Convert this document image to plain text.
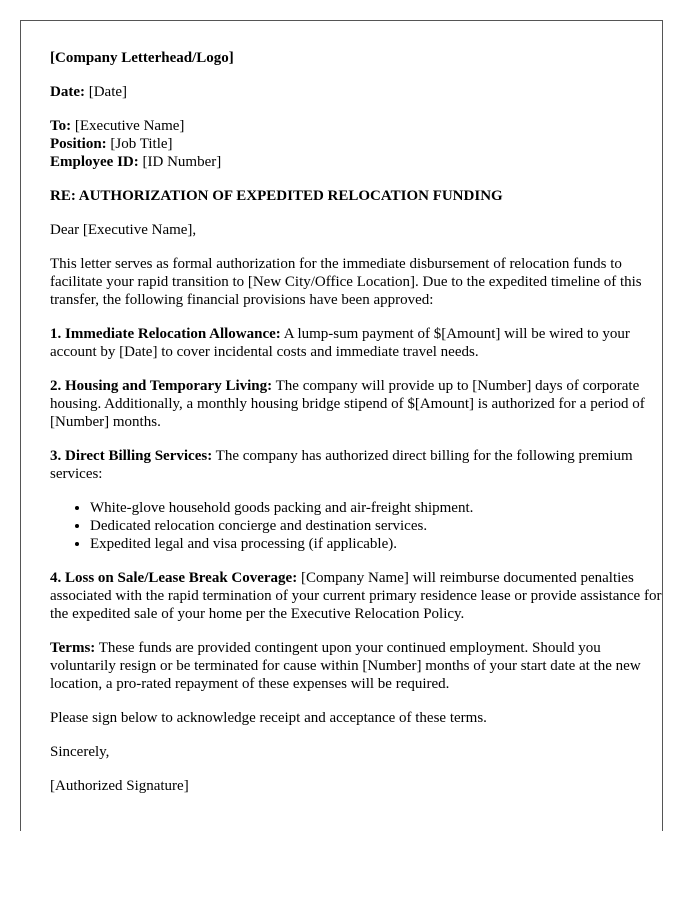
[Company Letterhead/Logo]

Date: [Date]

To: [Executive Name]

Position: [Job Title]

Employee ID: [ID Number]

RE: AUTHORIZATION OF EXPEDITED RELOCATION FUNDING

Dear [Executive Name],

This letter serves as formal authorization for the immediate disbursement of relocation funds to facilitate your rapid transition to [New City/Office Location]. Due to the expedited timeline of this transfer, the following financial provisions have been approved:

1. Immediate Relocation Allowance: A lump-sum payment of $[Amount] will be wired to your account by [Date] to cover incidental costs and immediate travel needs.

2. Housing and Temporary Living: The company will provide up to [Number] days of corporate housing. Additionally, a monthly housing bridge stipend of $[Amount] is authorized for a period of [Number] months.

3. Direct Billing Services: The company has authorized direct billing for the following premium services:

• White-glove household goods packing and air-freight shipment.
• Dedicated relocation concierge and destination services.
• Expedited legal and visa processing (if applicable).

4. Loss on Sale/Lease Break Coverage: [Company Name] will reimburse documented penalties associated with the rapid termination of your current primary residence lease or provide assistance for the expedited sale of your home per the Executive Relocation Policy.

Terms: These funds are provided contingent upon your continued employment. Should you voluntarily resign or be terminated for cause within [Number] months of your start date at the new location, a pro-rated repayment of these expenses will be required.

Please sign below to acknowledge receipt and acceptance of these terms.

Sincerely,

[Authorized Signature]
